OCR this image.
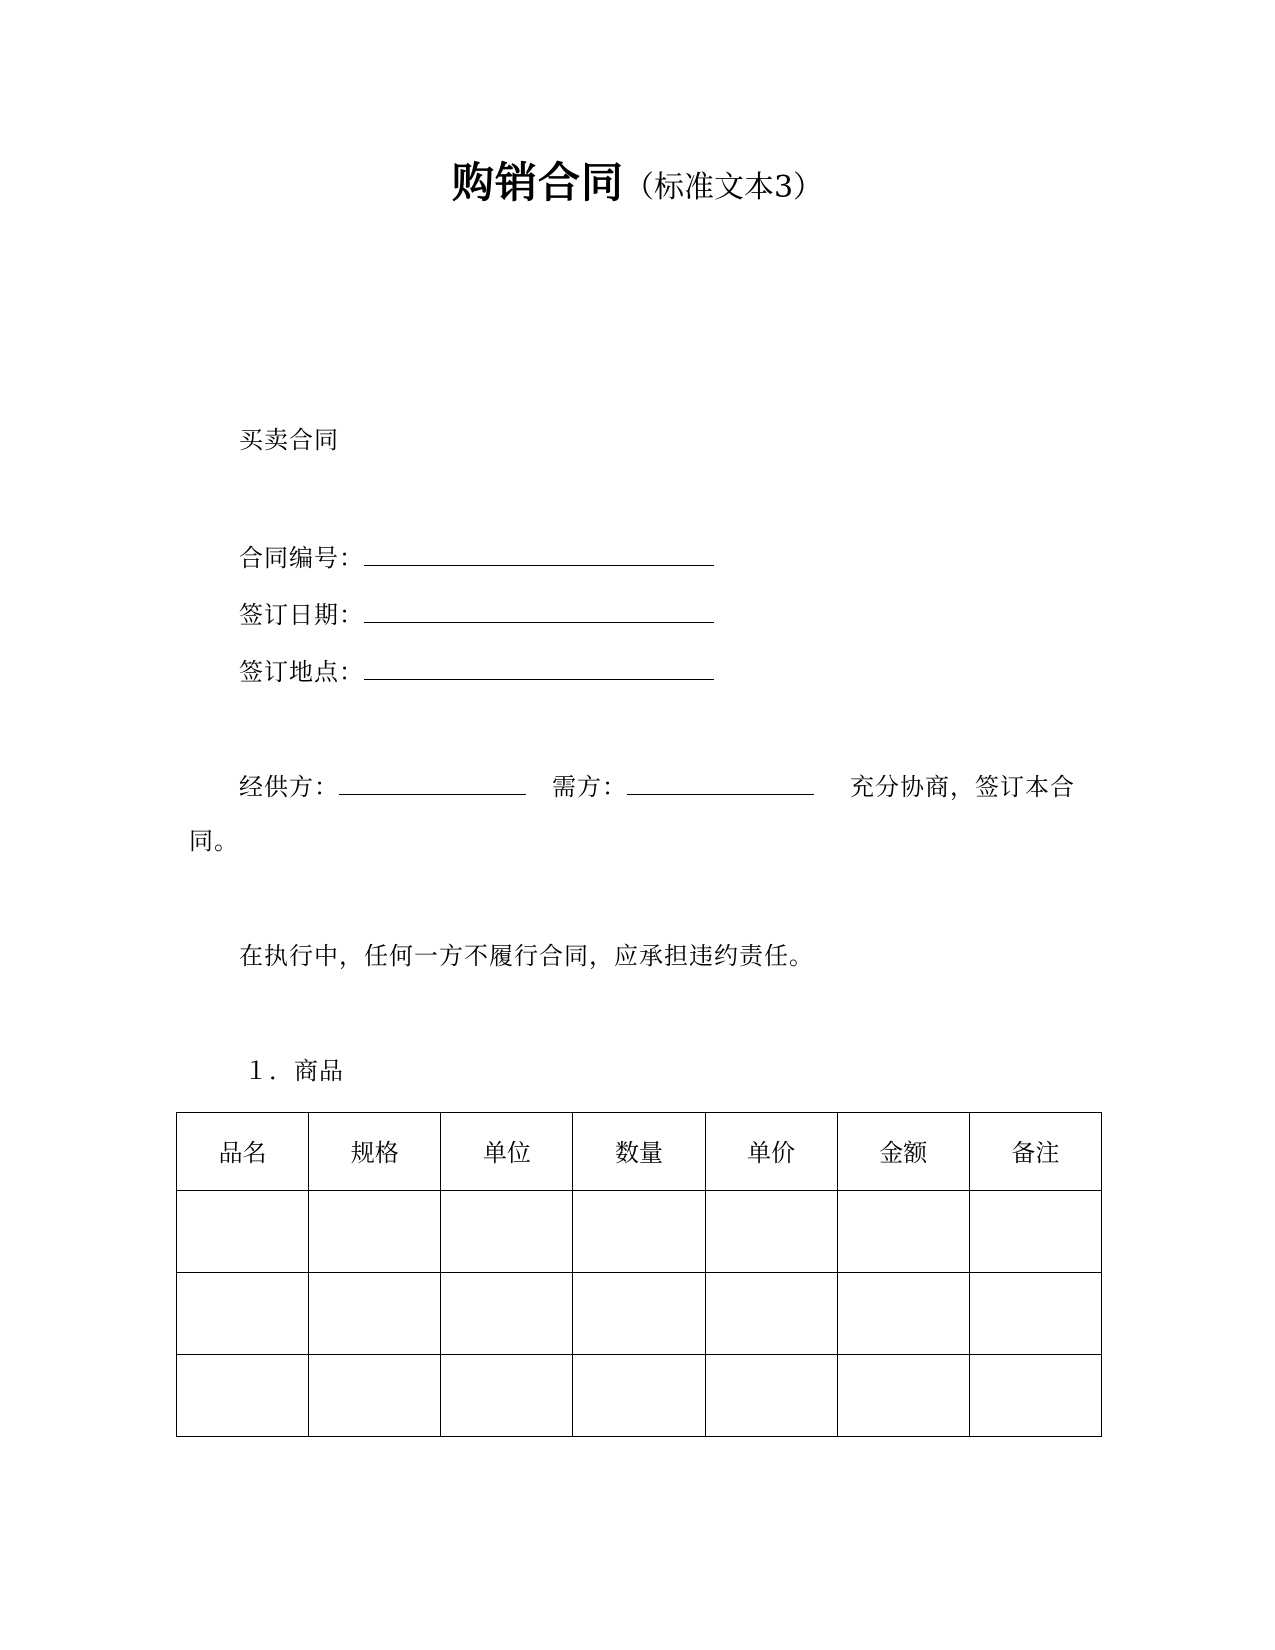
购销合同（标准文本3）
买卖合同
合同编号：
签订日期：
签订地点：
经供方：	需方：	充分协商，签订本合
同。
在执行中，任何一方不履行合同，应承担违约责任。
１．商品
品名	规格	单位	数量	单价	金额	备注
